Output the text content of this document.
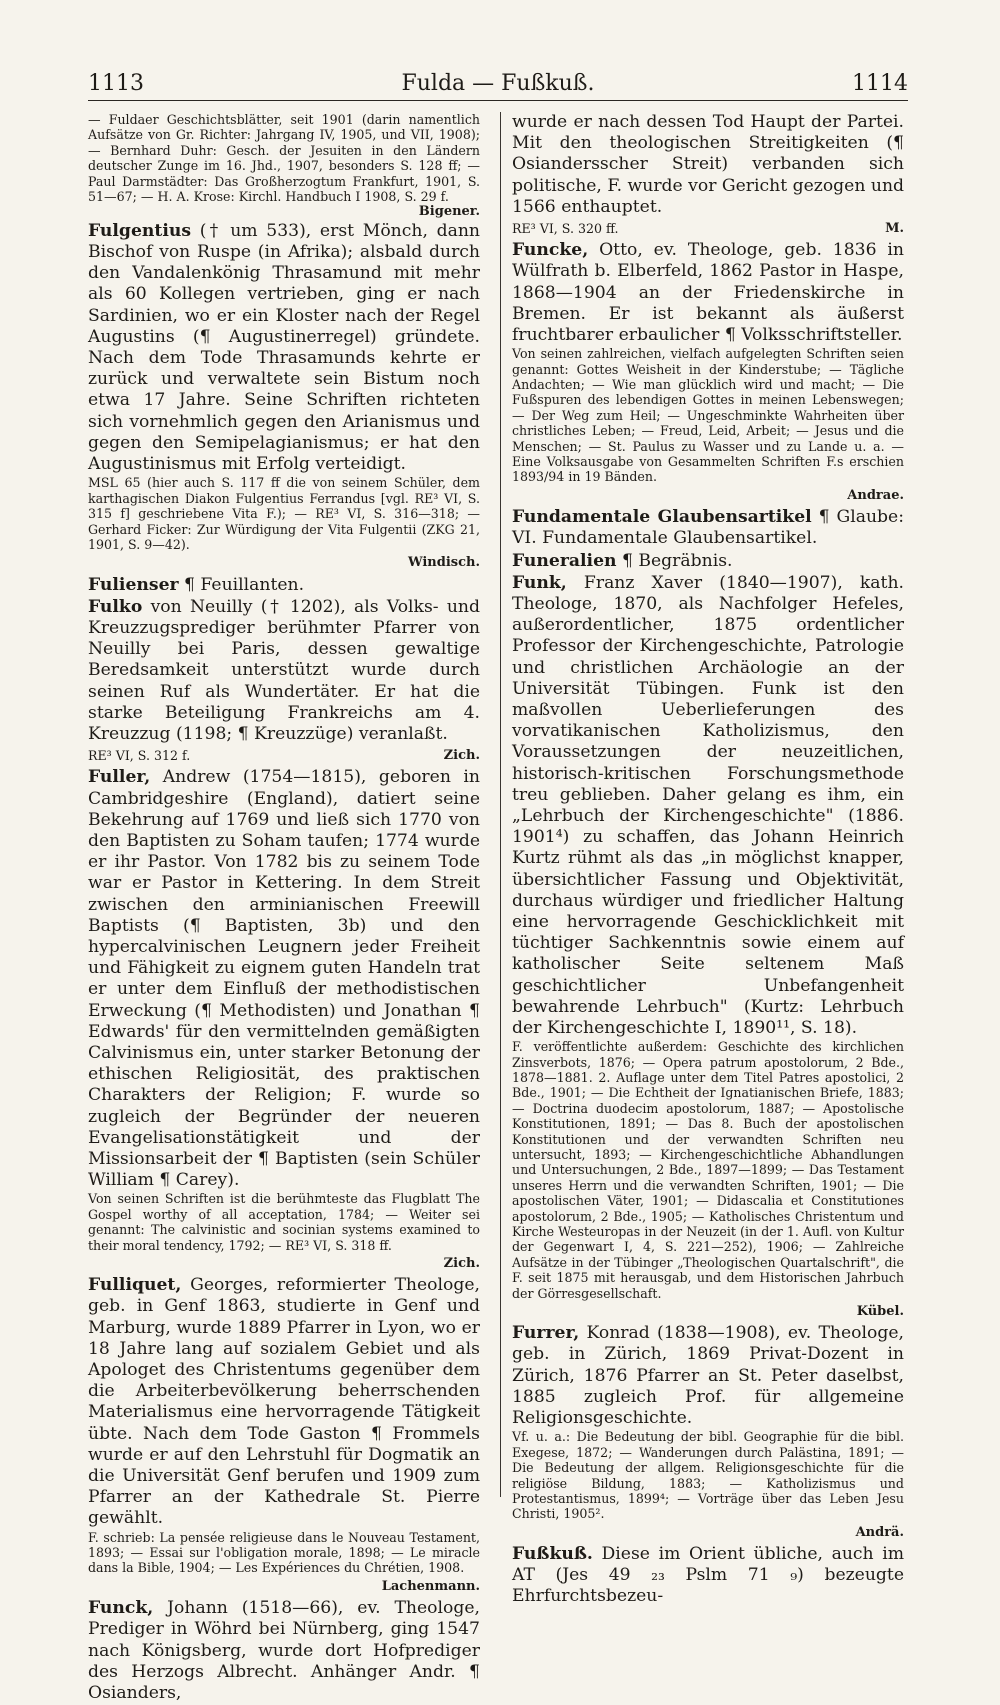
1113	Fulda — Fußkuß.	1114

— Fuldaer Geschichtsblätter, seit 1901 (darin namentlich Aufsätze von Gr. Richter: Jahrgang IV, 1905, und VII, 1908); — Bernhard Duhr: Gesch. der Jesuiten in den Ländern deutscher Zunge im 16. Jhd., 1907, besonders S. 128 ff; — Paul Darmstädter: Das Großherzogtum Frankfurt, 1901, S. 51—67; — H. A. Krose: Kirchl. Handbuch I 1908, S. 29 f.

Bigener.

Fulgentius († um 533), erst Mönch, dann Bischof von Ruspe (in Afrika); alsbald durch den Vandalenkönig Thrasamund mit mehr als 60 Kollegen vertrieben, ging er nach Sardinien, wo er ein Kloster nach der Regel Augustins (¶ Augustinerregel) gründete. Nach dem Tode Thrasamunds kehrte er zurück und verwaltete sein Bistum noch etwa 17 Jahre. Seine Schriften richteten sich vornehmlich gegen den Arianismus und gegen den Semipelagianismus; er hat den Augustinismus mit Erfolg verteidigt.

MSL 65 (hier auch S. 117 ff die von seinem Schüler, dem karthagischen Diakon Fulgentius Ferrandus [vgl. RE³ VI, S. 315 f] geschriebene Vita F.); — RE³ VI, S. 316—318; — Gerhard Ficker: Zur Würdigung der Vita Fulgentii (ZKG 21, 1901, S. 9—42).

Windisch.

Fulienser ¶ Feuillanten.

Fulko von Neuilly († 1202), als Volks- und Kreuzzugsprediger berühmter Pfarrer von Neuilly bei Paris, dessen gewaltige Beredsamkeit unterstützt wurde durch seinen Ruf als Wundertäter. Er hat die starke Beteiligung Frankreichs am 4. Kreuzzug (1198; ¶ Kreuzzüge) veranlaßt.

RE³ VI, S. 312 f.	Zich.

Fuller, Andrew (1754—1815), geboren in Cambridgeshire (England), datiert seine Bekehrung auf 1769 und ließ sich 1770 von den Baptisten zu Soham taufen; 1774 wurde er ihr Pastor. Von 1782 bis zu seinem Tode war er Pastor in Kettering. In dem Streit zwischen den arminianischen Freewill Baptists (¶ Baptisten, 3b) und den hypercalvinischen Leugnern jeder Freiheit und Fähigkeit zu eignem guten Handeln trat er unter dem Einfluß der methodistischen Erweckung (¶ Methodisten) und Jonathan ¶ Edwards' für den vermittelnden gemäßigten Calvinismus ein, unter starker Betonung der ethischen Religiosität, des praktischen Charakters der Religion; F. wurde so zugleich der Begründer der neueren Evangelisationstätigkeit und der Missionsarbeit der ¶ Baptisten (sein Schüler William ¶ Carey).

Von seinen Schriften ist die berühmteste das Flugblatt The Gospel worthy of all acceptation, 1784; — Weiter sei genannt: The calvinistic and socinian systems examined to their moral tendency, 1792; — RE³ VI, S. 318 ff.

Zich.

Fulliquet, Georges, reformierter Theologe, geb. in Genf 1863, studierte in Genf und Marburg, wurde 1889 Pfarrer in Lyon, wo er 18 Jahre lang auf sozialem Gebiet und als Apologet des Christentums gegenüber dem die Arbeiterbevölkerung beherrschenden Materialismus eine hervorragende Tätigkeit übte. Nach dem Tode Gaston ¶ Frommels wurde er auf den Lehrstuhl für Dogmatik an die Universität Genf berufen und 1909 zum Pfarrer an der Kathedrale St. Pierre gewählt.

F. schrieb: La pensée religieuse dans le Nouveau Testament, 1893; — Essai sur l'obligation morale, 1898; — Le miracle dans la Bible, 1904; — Les Expériences du Chrétien, 1908.

Lachenmann.

Funck, Johann (1518—66), ev. Theologe, Prediger in Wöhrd bei Nürnberg, ging 1547 nach Königsberg, wurde dort Hofprediger des Herzogs Albrecht. Anhänger Andr. ¶ Osianders,

wurde er nach dessen Tod Haupt der Partei. Mit den theologischen Streitigkeiten (¶ Osiandersscher Streit) verbanden sich politische, F. wurde vor Gericht gezogen und 1566 enthauptet.

RE³ VI, S. 320 ff.	M.

Funcke, Otto, ev. Theologe, geb. 1836 in Wülfrath b. Elberfeld, 1862 Pastor in Haspe, 1868—1904 an der Friedenskirche in Bremen. Er ist bekannt als äußerst fruchtbarer erbaulicher ¶ Volksschriftsteller.

Von seinen zahlreichen, vielfach aufgelegten Schriften seien genannt: Gottes Weisheit in der Kinderstube; — Tägliche Andachten; — Wie man glücklich wird und macht; — Die Fußspuren des lebendigen Gottes in meinen Lebenswegen; — Der Weg zum Heil; — Ungeschminkte Wahrheiten über christliches Leben; — Freud, Leid, Arbeit; — Jesus und die Menschen; — St. Paulus zu Wasser und zu Lande u. a. — Eine Volksausgabe von Gesammelten Schriften F.s erschien 1893/94 in 19 Bänden.

Andrae.

Fundamentale Glaubensartikel ¶ Glaube: VI. Fundamentale Glaubensartikel.

Funeralien ¶ Begräbnis.

Funk, Franz Xaver (1840—1907), kath. Theologe, 1870, als Nachfolger Hefeles, außerordentlicher, 1875 ordentlicher Professor der Kirchengeschichte, Patrologie und christlichen Archäologie an der Universität Tübingen. Funk ist den maßvollen Ueberlieferungen des vorvatikanischen Katholizismus, den Voraussetzungen der neuzeitlichen, historisch-kritischen Forschungsmethode treu geblieben. Daher gelang es ihm, ein „Lehrbuch der Kirchengeschichte" (1886. 1901⁴) zu schaffen, das Johann Heinrich Kurtz rühmt als das „in möglichst knapper, übersichtlicher Fassung und Objektivität, durchaus würdiger und friedlicher Haltung eine hervorragende Geschicklichkeit mit tüchtiger Sachkenntnis sowie einem auf katholischer Seite seltenem Maß geschichtlicher Unbefangenheit bewahrende Lehrbuch" (Kurtz: Lehrbuch der Kirchengeschichte I, 1890¹¹, S. 18).

F. veröffentlichte außerdem: Geschichte des kirchlichen Zinsverbots, 1876; — Opera patrum apostolorum, 2 Bde., 1878—1881. 2. Auflage unter dem Titel Patres apostolici, 2 Bde., 1901; — Die Echtheit der Ignatianischen Briefe, 1883; — Doctrina duodecim apostolorum, 1887; — Apostolische Konstitutionen, 1891; — Das 8. Buch der apostolischen Konstitutionen und der verwandten Schriften neu untersucht, 1893; — Kirchengeschichtliche Abhandlungen und Untersuchungen, 2 Bde., 1897—1899; — Das Testament unseres Herrn und die verwandten Schriften, 1901; — Die apostolischen Väter, 1901; — Didascalia et Constitutiones apostolorum, 2 Bde., 1905; — Katholisches Christentum und Kirche Westeuropas in der Neuzeit (in der 1. Aufl. von Kultur der Gegenwart I, 4, S. 221—252), 1906; — Zahlreiche Aufsätze in der Tübinger „Theologischen Quartalschrift", die F. seit 1875 mit herausgab, und dem Historischen Jahrbuch der Görresgesellschaft.

Kübel.

Furrer, Konrad (1838—1908), ev. Theologe, geb. in Zürich, 1869 Privat-Dozent in Zürich, 1876 Pfarrer an St. Peter daselbst, 1885 zugleich Prof. für allgemeine Religionsgeschichte.

Vf. u. a.: Die Bedeutung der bibl. Geographie für die bibl. Exegese, 1872; — Wanderungen durch Palästina, 1891; — Die Bedeutung der allgem. Religionsgeschichte für die religiöse Bildung, 1883; — Katholizismus und Protestantismus, 1899⁴; — Vorträge über das Leben Jesu Christi, 1905².

Andrä.

Fußkuß. Diese im Orient übliche, auch im AT (Jes 49 ₂₃ Pslm 71 ₉) bezeugte Ehrfurchtsbezeu-
